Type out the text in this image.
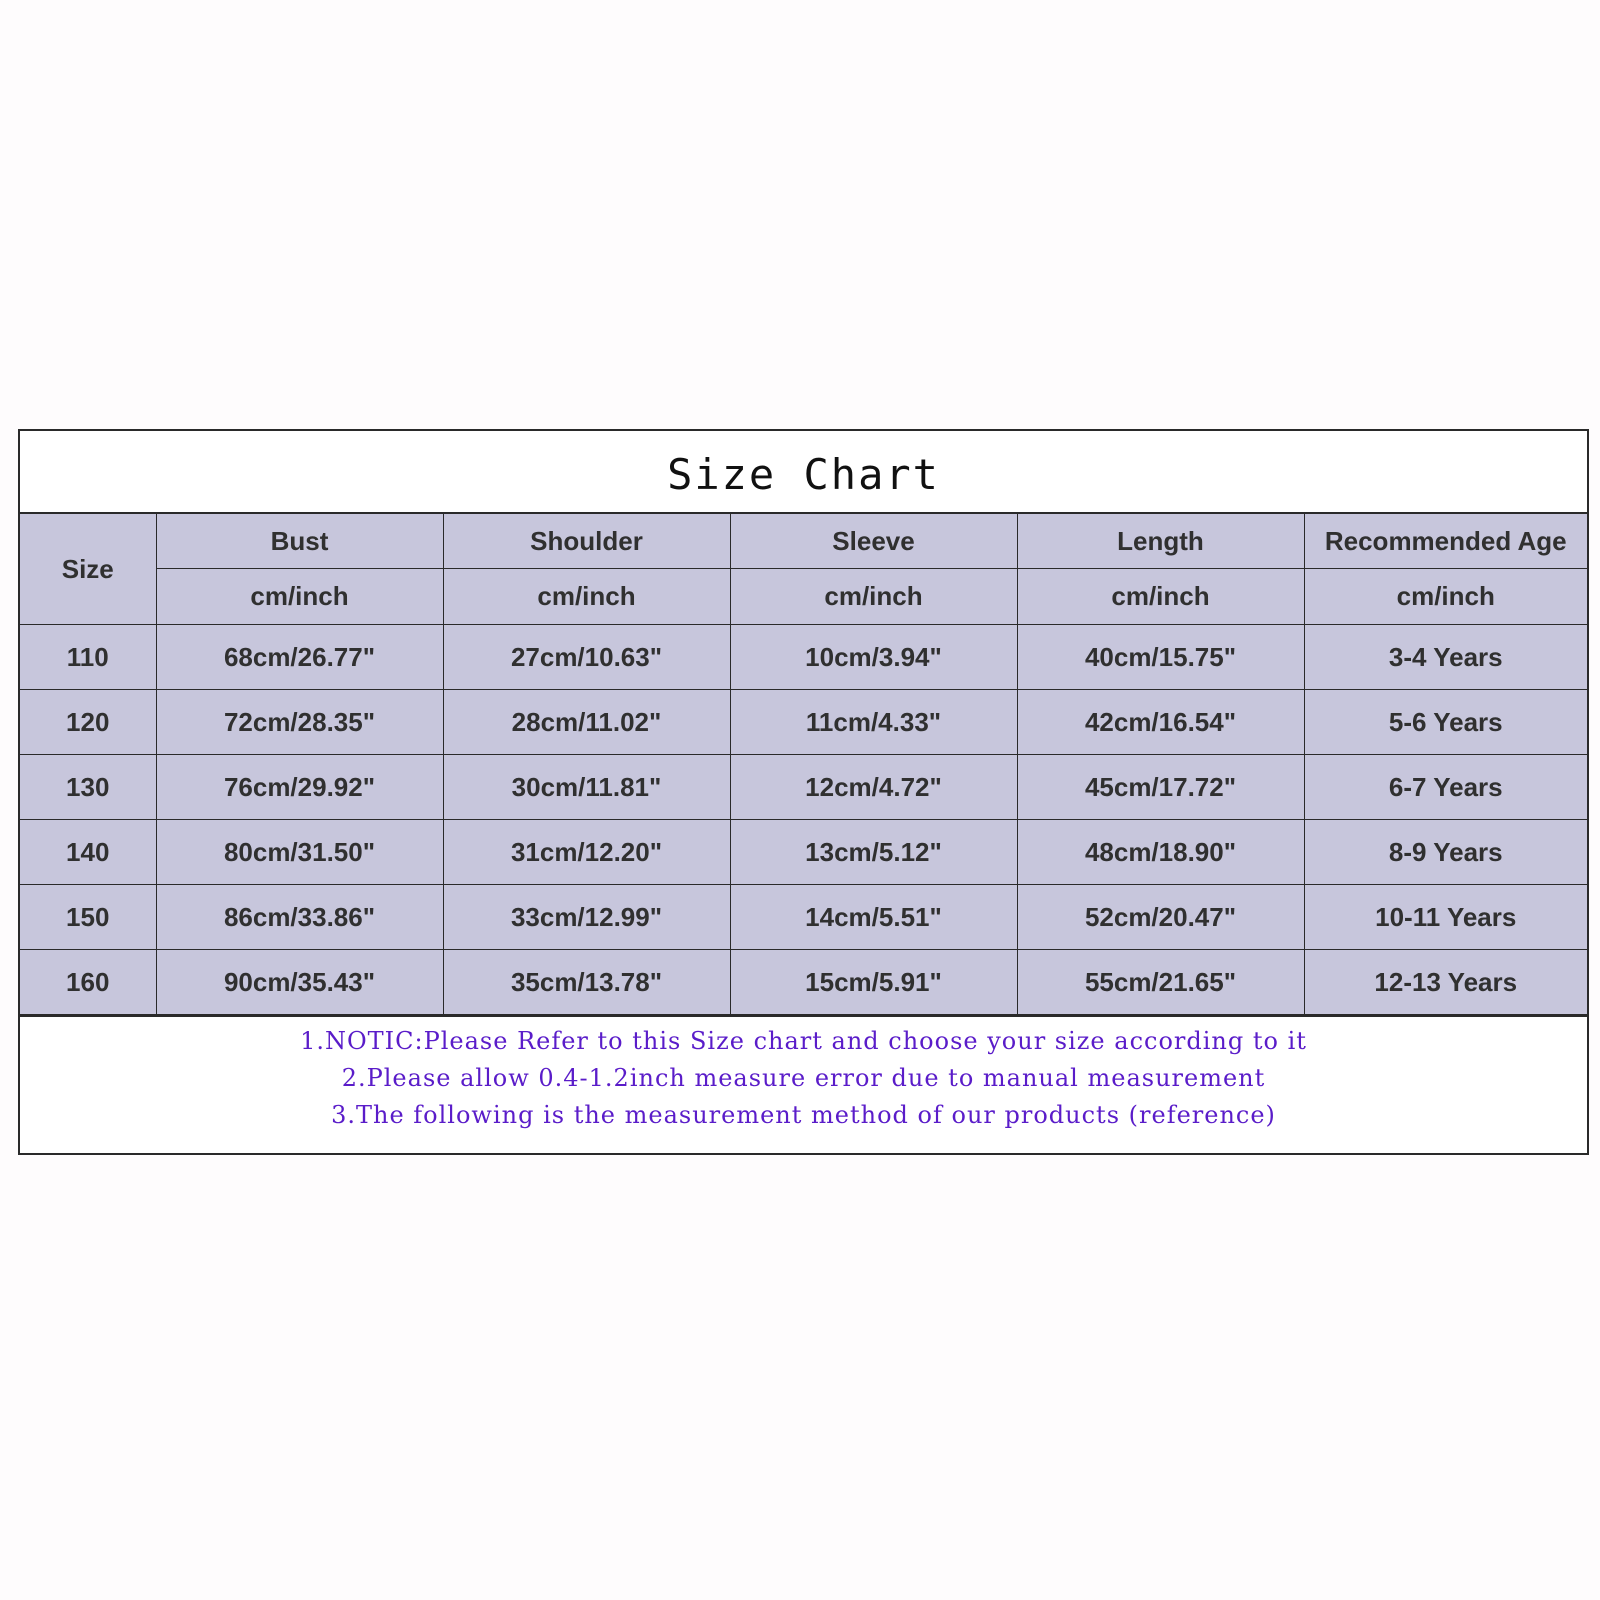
Size Chart
Size	Bust	Shoulder	Sleeve	Length	Recommended Age
	cm/inch	cm/inch	cm/inch	cm/inch	cm/inch
110	68cm/26.77"	27cm/10.63"	10cm/3.94"	40cm/15.75"	3-4 Years
120	72cm/28.35"	28cm/11.02"	11cm/4.33"	42cm/16.54"	5-6 Years
130	76cm/29.92"	30cm/11.81"	12cm/4.72"	45cm/17.72"	6-7 Years
140	80cm/31.50"	31cm/12.20"	13cm/5.12"	48cm/18.90"	8-9 Years
150	86cm/33.86"	33cm/12.99"	14cm/5.51"	52cm/20.47"	10-11 Years
160	90cm/35.43"	35cm/13.78"	15cm/5.91"	55cm/21.65"	12-13 Years
1.NOTIC:Please Refer to this Size chart and choose your size according to it
2.Please allow 0.4-1.2inch measure error due to manual measurement
3.The following is the measurement method of our products (reference)
